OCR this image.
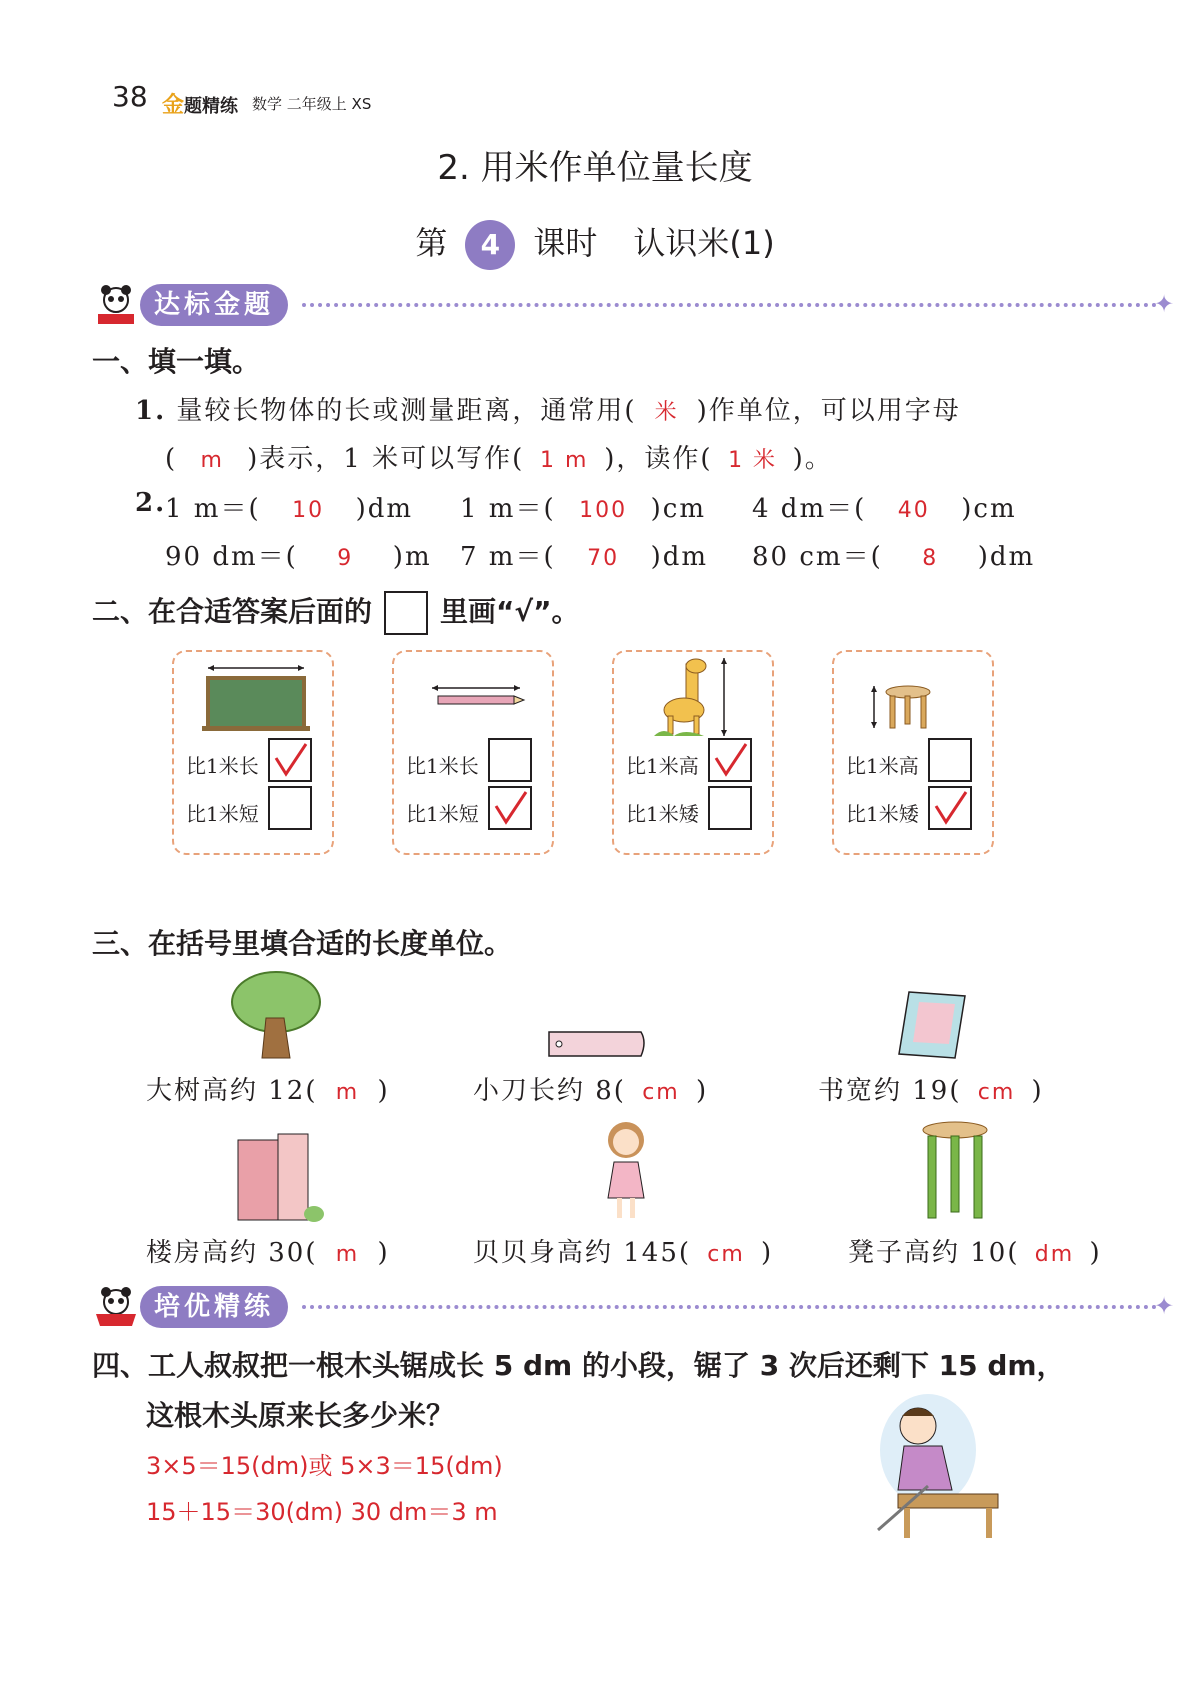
38 金题精练 数学 二年级上 XS
2. 用米作单位量长度
第 4 课时 认识米(1)
达标金题	✦
一、填一填。
1. 量较长物体的长或测量距离，通常用( 米 )作单位，可以用字母
( m )表示，1 米可以写作( 1 m )，读作( 1 米 )。
2.
1 m＝( 10 )dm 1 m＝( 100 )cm 4 dm＝( 40 )cm
90 dm＝( 9 )m 7 m＝( 70 )dm 80 cm＝( 8 )dm
二、在合适答案后面的 里画“√”。
比1米长
比1米短
比1米长
比1米短
比1米高
比1米矮
比1米高
比1米矮
三、在括号里填合适的长度单位。
大树高约 12( m )	小刀长约 8( cm )	书宽约 19( cm )
楼房高约 30( m )	贝贝身高约 145( cm )	凳子高约 10( dm )
培优精练	✦
四、工人叔叔把一根木头锯成长 5 dm 的小段，锯了 3 次后还剩下 15 dm，
这根木头原来长多少米？
3×5＝15(dm)或 5×3＝15(dm)
15＋15＝30(dm) 30 dm＝3 m
